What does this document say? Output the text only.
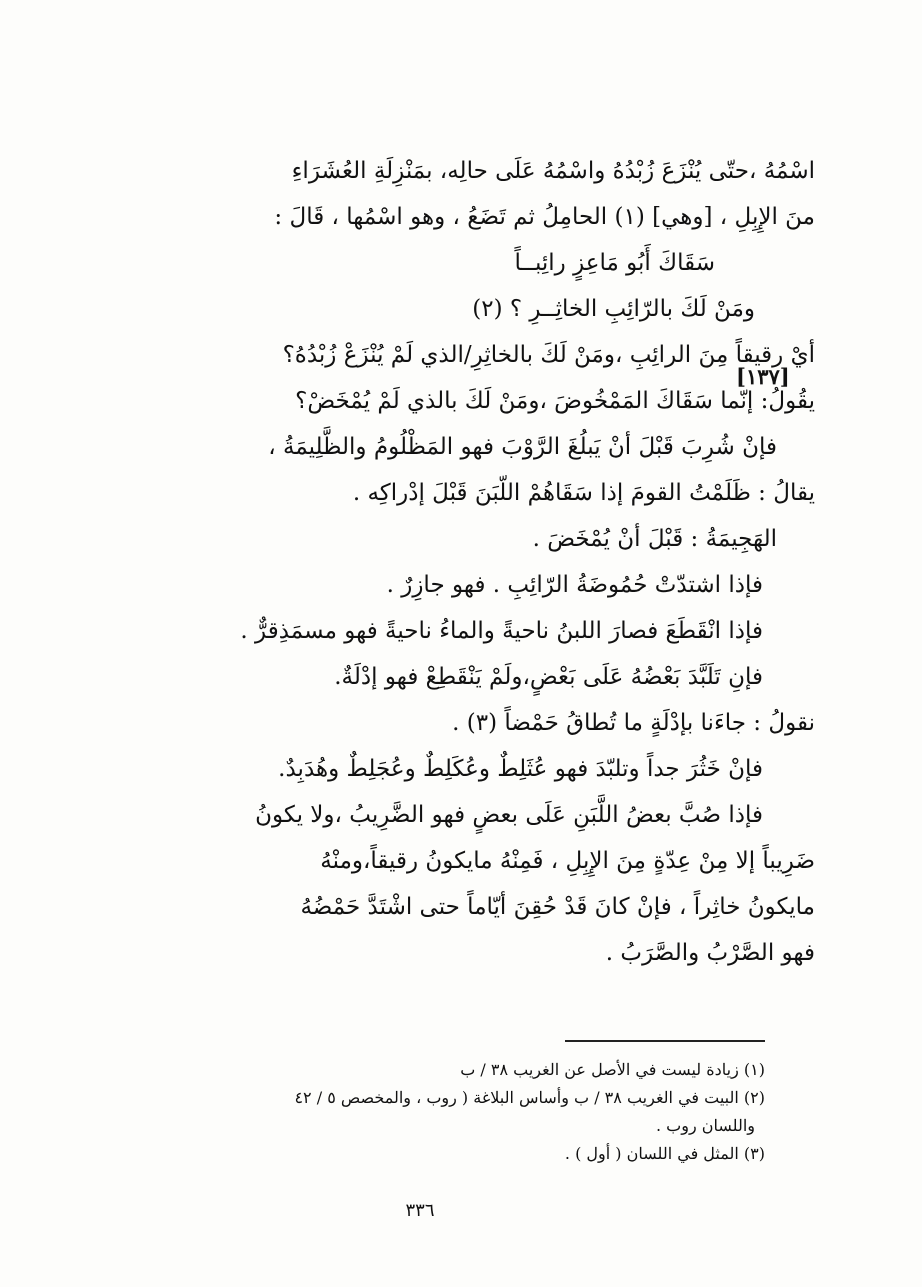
اسْمُهُ ،حتّى يُنْزَعَ زُبْدُهُ واسْمُهُ عَلَى حالِه، بمَنْزِلَةِ العُشَرَاءِ
منَ الإِبِلِ ، [وهي] (١) الحامِلُ ثم تَضَعُ ، وهو اسْمُها ، قَالَ :
سَقَاكَ أَبُو مَاعِزٍ رائِبــاً
ومَنْ لَكَ بالرّائِبِ الخاثِــرِ ؟ (٢)
أيْ رقيقاً مِنَ الرائِبِ ،ومَنْ لَكَ بالخاثِرِ/الذي لَمْ يُنْزَعْ زُبْدُهُ؟
يقُولُ: إنّما سَقَاكَ المَمْخُوضَ ،ومَنْ لَكَ بالذي لَمْ يُمْخَضْ؟
فإنْ شُرِبَ قَبْلَ أنْ يَبلُغَ الرَّوْبَ فهو المَظْلُومُ والظَّلِيمَةُ ،
يقالُ : ظَلَمْتُ القومَ إذا سَقَاهُمْ اللّبَنَ قَبْلَ إدْراكِه .
الهَجِيمَةُ : قَبْلَ أنْ يُمْخَضَ .
فإذا اشتدّتْ حُمُوضَةُ الرّائِبِ . فهو جازِرٌ .
فإذا انْقَطَعَ فصارَ اللبنُ ناحيةً والماءُ ناحيةً فهو مسمَذِقرٌّ .
فإنِ تَلَبَّدَ بَعْضُهُ عَلَى بَعْضٍ،ولَمْ يَنْقَطِعْ فهو إدْلَةٌ.
نقولُ : جاءَنا بإدْلَةٍ ما تُطاقُ حَمْضاً (٣) .
فإنْ خَثُرَ جداً وتلبّدَ فهو عُثَلِطٌ وعُكَلِطٌ وعُجَلِطٌ وهُدَبِدٌ.
فإذا صُبَّ بعضُ اللَّبَنِ عَلَى بعضٍ فهو الضَّرِيبُ ،ولا يكونُ
ضَرِيباً إلا مِنْ عِدّةٍ مِنَ الإِبِلِ ، فَمِنْهُ مايكونُ رقيقاً،ومنْهُ
مايكونُ خاثِراً ، فإنْ كانَ قَدْ حُقِنَ أيّاماً حتى اشْتَدَّ حَمْضُهُ
فهو الصَّرْبُ والصَّرَبُ .
[١٣٧]
(١) زيادة ليست في الأصل عن الغريب ٣٨ / ب
(٢) البيت في الغريب ٣٨ / ب وأساس البلاغة ( روب ، والمخصص ٥ / ٤٢
واللسان روب .
(٣) المثل في اللسان ( أول ) .
٣٣٦
